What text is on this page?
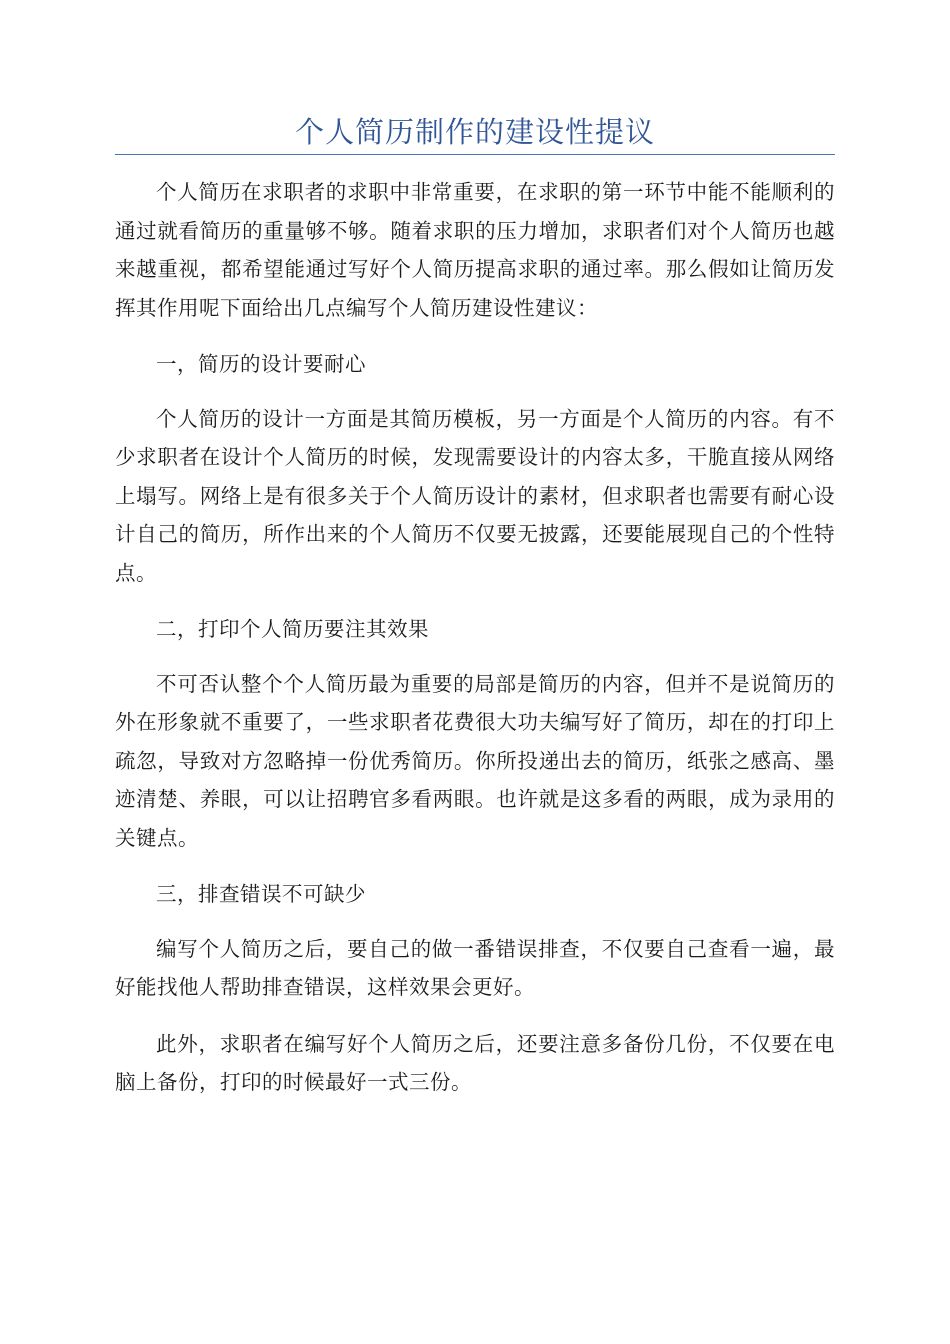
个人简历制作的建设性提议

个人简历在求职者的求职中非常重要，在求职的第一环节中能不能顺利的通过就看简历的重量够不够。随着求职的压力增加，求职者们对个人简历也越来越重视，都希望能通过写好个人简历提高求职的通过率。那么假如让简历发挥其作用呢下面给出几点编写个人简历建设性建议：

一，简历的设计要耐心

个人简历的设计一方面是其简历模板，另一方面是个人简历的内容。有不少求职者在设计个人简历的时候，发现需要设计的内容太多，干脆直接从网络上塌写。网络上是有很多关于个人简历设计的素材，但求职者也需要有耐心设计自己的简历，所作出来的个人简历不仅要无披露，还要能展现自己的个性特点。

二，打印个人简历要注其效果

不可否认整个个人简历最为重要的局部是简历的内容，但并不是说简历的外在形象就不重要了，一些求职者花费很大功夫编写好了简历，却在的打印上疏忽，导致对方忽略掉一份优秀简历。你所投递出去的简历，纸张之感高、墨迹清楚、养眼，可以让招聘官多看两眼。也许就是这多看的两眼，成为录用的关键点。

三，排查错误不可缺少

编写个人简历之后，要自己的做一番错误排查，不仅要自己查看一遍，最好能找他人帮助排查错误，这样效果会更好。

此外，求职者在编写好个人简历之后，还要注意多备份几份，不仅要在电脑上备份，打印的时候最好一式三份。
